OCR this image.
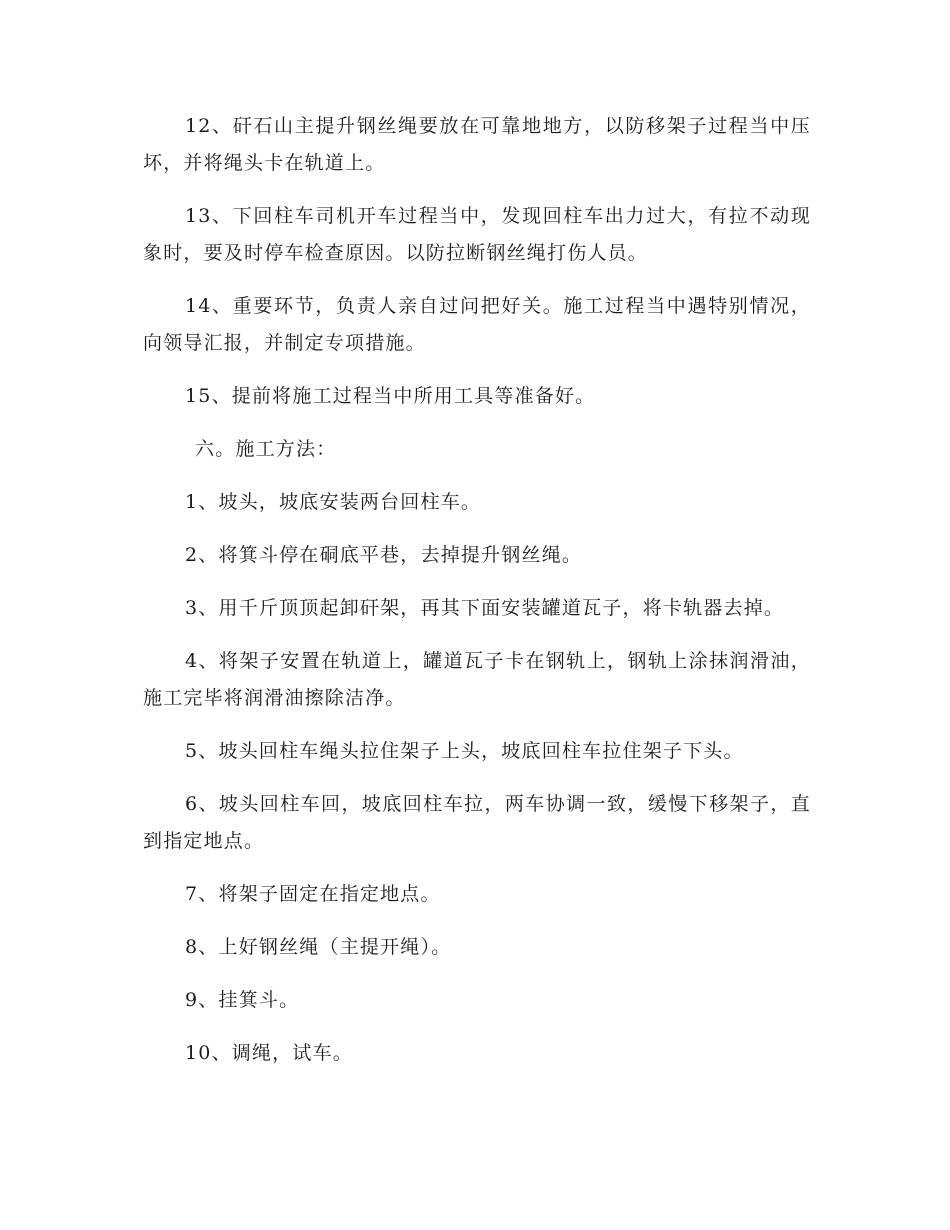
12、矸石山主提升钢丝绳要放在可靠地地方，以防移架子过程当中压坏，并将绳头卡在轨道上。

13、下回柱车司机开车过程当中，发现回柱车出力过大，有拉不动现象时，要及时停车检查原因。以防拉断钢丝绳打伤人员。

14、重要环节，负责人亲自过问把好关。施工过程当中遇特别情况，向领导汇报，并制定专项措施。

15、提前将施工过程当中所用工具等准备好。

六。施工方法：

1、坡头，坡底安装两台回柱车。

2、将箕斗停在硐底平巷，去掉提升钢丝绳。

3、用千斤顶顶起卸矸架，再其下面安装罐道瓦子，将卡轨器去掉。

4、将架子安置在轨道上，罐道瓦子卡在钢轨上，钢轨上涂抹润滑油，施工完毕将润滑油擦除洁净。

5、坡头回柱车绳头拉住架子上头，坡底回柱车拉住架子下头。

6、坡头回柱车回，坡底回柱车拉，两车协调一致，缓慢下移架子，直到指定地点。

7、将架子固定在指定地点。

8、上好钢丝绳（主提开绳）。

9、挂箕斗。

10、调绳，试车。
